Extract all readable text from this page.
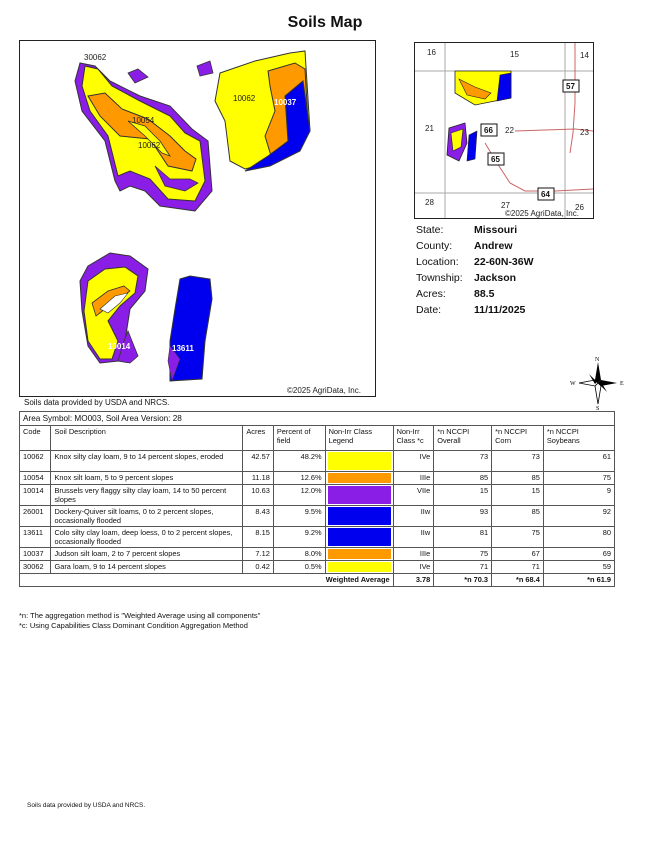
Soils Map
30062
10054
10062
10062 10037
10014	13611
©2025 AgriData, Inc.
16	15	14
21	22	23
28	27	26
57
66
65
64
©2025 AgriData, Inc.
State:	Missouri
County:	Andrew
Location:	22-60N-36W
Township:	Jackson
Acres:	88.5
Date:	11/11/2025
N
S
W	E
Soils data provided by USDA and NRCS.
Area Symbol: MO003, Soil Area Version: 28								
Code	Soil Description	Acres	Percent of field	Non-Irr Class Legend	Non-Irr Class *c	*n NCCPI Overall	*n NCCPI Corn	*n NCCPI Soybeans
10062	Knox silty clay loam, 9 to 14 percent slopes, eroded	42.57	48.2%		IVe	73	73	61
10054	Knox silt loam, 5 to 9 percent slopes	11.18	12.6%		IIIe	85	85	75
10014	Brussels very flaggy silty clay loam, 14 to 50 percent slopes	10.63	12.0%		VIIe	15	15	9
26001	Dockery-Quiver silt loams, 0 to 2 percent slopes, occasionally flooded	8.43	9.5%		IIw	93	85	92
13611	Colo silty clay loam, deep loess, 0 to 2 percent slopes, occasionally flooded	8.15	9.2%		IIw	81	75	80
10037	Judson silt loam, 2 to 7 percent slopes	7.12	8.0%		IIIe	75	67	69
30062	Gara loam, 9 to 14 percent slopes	0.42	0.5%		IVe	71	71	59
Weighted Average					3.78	*n 70.3	*n 68.4	*n 61.9
*n: The aggregation method is "Weighted Average using all components"
*c: Using Capabilities Class Dominant Condition Aggregation Method
Soils data provided by USDA and NRCS.
